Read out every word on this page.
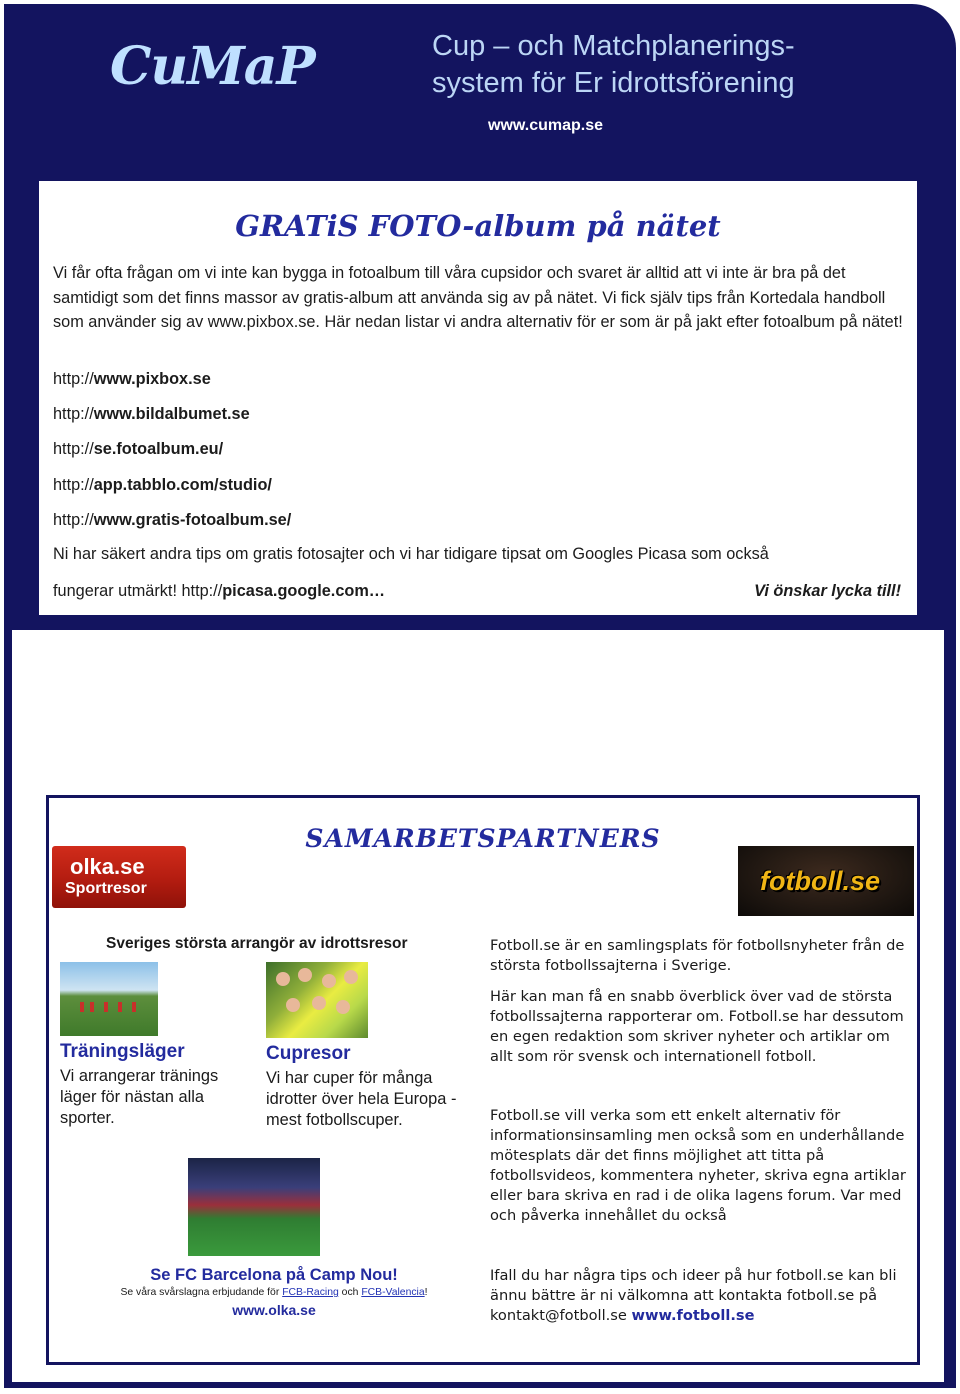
CuMaP	Cup – och Matchplanerings-
system för Er idrottsförening
www.cumap.se
GRATiS FOTO-album på nätet
Vi får ofta frågan om vi inte kan bygga in fotoalbum till våra cupsidor och svaret är alltid att vi inte är bra på det samtidigt som det finns massor av gratis-album att använda sig av på nätet. Vi fick själv tips från Kortedala handboll som använder sig av www.pixbox.se. Här nedan listar vi andra alternativ för er som är på jakt efter fotoalbum på nätet!
http://www.pixbox.se
http://www.bildalbumet.se
http://se.fotoalbum.eu/
http://app.tabblo.com/studio/
http://www.gratis-fotoalbum.se/
Ni har säkert andra tips om gratis fotosajter och vi har tidigare tipsat om Googles Picasa som också
fungerar utmärkt! http://picasa.google.com…	Vi önskar lycka till!
SAMARBETSPARTNERS
olka.se
Sportresor	fotboll.se
Sveriges största arrangör av idrottsresor
Träningsläger
Vi arrangerar tränings läger för nästan alla sporter.
Cupresor
Vi har cuper för många idrotter över hela Europa - mest fotbollscuper.
Se FC Barcelona på Camp Nou!
Se våra svårslagna erbjudande för FCB-Racing och FCB-Valencia!
www.olka.se
Fotboll.se är en samlingsplats för fotbollsnyheter från de största fotbollssajterna i Sverige.
Här kan man få en snabb överblick över vad de största fotbollssajterna rapporterar om. Fotboll.se har dessutom en egen redaktion som skriver nyheter och artiklar om allt som rör svensk och internationell fotboll.
Fotboll.se vill verka som ett enkelt alternativ för informationsinsamling men också som en underhållande mötesplats där det finns möjlighet att titta på fotbollsvideos, kommentera nyheter, skriva egna artiklar eller bara skriva en rad i de olika lagens forum. Var med och påverka innehållet du också
Ifall du har några tips och ideer på hur fotboll.se kan bli ännu bättre är ni välkomna att kontakta fotboll.se på kontakt@fotboll.se www.fotboll.se
